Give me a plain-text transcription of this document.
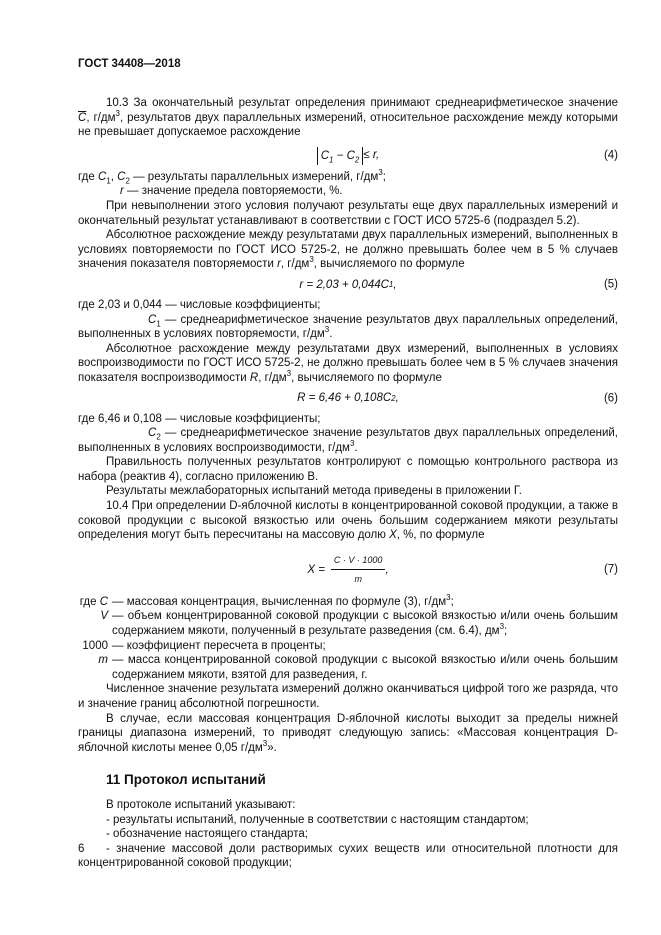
ГОСТ 34408—2018

10.3 За окончательный результат определения принимают среднеарифметическое значение $\overline{C}$, $г/дм^3$, результатов двух параллельных измерений, относительное расхождение между которыми не превышает допускаемое расхождение

$C_1 - C_2 \le r$,	(4)

где $C_1$, $C_2$ — результаты параллельных измерений, $г/дм^3$;

r — значение предела повторяемости, %.

При невыполнении этого условия получают результаты еще двух параллельных измерений и окончательный результат устанавливают в соответствии с ГОСТ ИСО 5725-6 (подраздел 5.2).

Абсолютное расхождение между результатами двух параллельных измерений, выполненных в условиях повторяемости по ГОСТ ИСО 5725-2, не должно превышать более чем в 5 % случаев значения показателя повторяемости r, $г/дм^3$, вычисляемого по формуле

r = 2,03 + 0,044C 1 ,	(5)

где 2,03 и 0,044 — числовые коэффициенты;

$C_1$ — среднеарифметическое значение результатов двух параллельных определений, выполненных в условиях повторяемости, $г/дм^3$.

Абсолютное расхождение между результатами двух измерений, выполненных в условиях воспроизводимости по ГОСТ ИСО 5725-2, не должно превышать более чем в 5 % случаев значения показателя воспроизводимости R, $г/дм^3$, вычисляемого по формуле

R = 6,46 + 0,108C 2 ,	(6)

где 6,46 и 0,108 — числовые коэффициенты;

$C_2$ — среднеарифметическое значение результатов двух параллельных определений, выполненных в условиях воспроизводимости, $г/дм^3$.

Правильность полученных результатов контролируют с помощью контрольного раствора из набора (реактив 4), согласно приложению В.

Результаты межлабораторных испытаний метода приведены в приложении Г.

10.4 При определении D-яблочной кислоты в концентрированной соковой продукции, а также в соковой продукции с высокой вязкостью или очень большим содержанием мякоти результаты определения могут быть пересчитаны на массовую долю X, %, по формуле

$X = \frac{C \cdot V \cdot 1000}{m}$ ,	(7)
где C — массовая концентрация, вычисленная по формуле (3), $г/дм^3$;
V — объем концентрированной соковой продукции с высокой вязкостью и/или очень большим содержанием мякоти, полученный в результате разведения (см. 6.4), $дм^3$;
1000 — коэффициент пересчета в проценты;
m — масса концентрированной соковой продукции с высокой вязкостью и/или очень большим содержанием мякоти, взятой для разведения, г.

Численное значение результата измерений должно оканчиваться цифрой того же разряда, что и значение границ абсолютной погрешности.

В случае, если массовая концентрация D-яблочной кислоты выходит за пределы нижней границы диапазона измерений, то приводят следующую запись: «Массовая концентрация D-яблочной кислоты менее 0,05 $г/дм^3$».

11 Протокол испытаний

В протоколе испытаний указывают:

- результаты испытаний, полученные в соответствии с настоящим стандартом;

- обозначение настоящего стандарта;

- значение массовой доли растворимых сухих веществ или относительной плотности для концентрированной соковой продукции;

6
